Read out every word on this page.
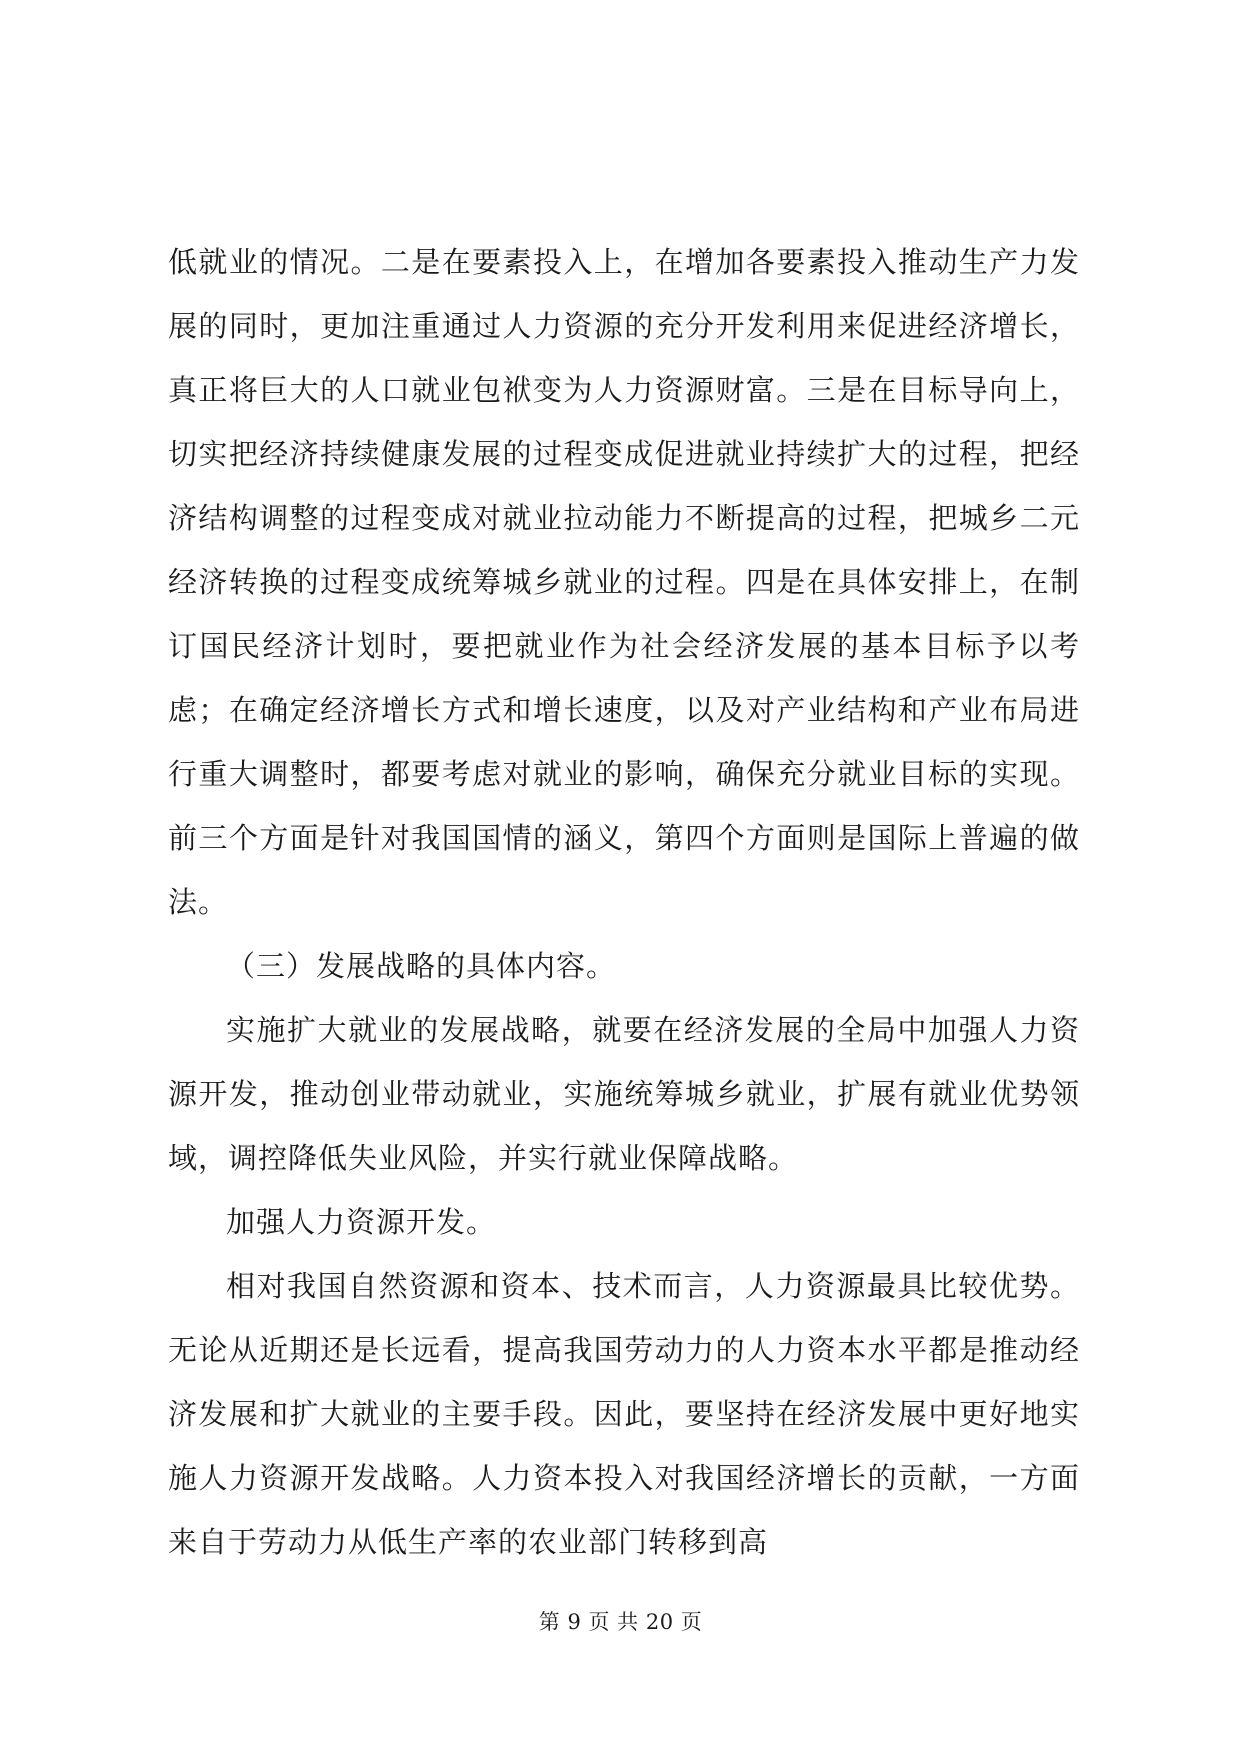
低就业的情况。二是在要素投入上，在增加各要素投入推动生产力发展的同时，更加注重通过人力资源的充分开发利用来促进经济增长，真正将巨大的人口就业包袱变为人力资源财富。三是在目标导向上，切实把经济持续健康发展的过程变成促进就业持续扩大的过程，把经济结构调整的过程变成对就业拉动能力不断提高的过程，把城乡二元经济转换的过程变成统筹城乡就业的过程。四是在具体安排上，在制订国民经济计划时，要把就业作为社会经济发展的基本目标予以考虑；在确定经济增长方式和增长速度，以及对产业结构和产业布局进行重大调整时，都要考虑对就业的影响，确保充分就业目标的实现。前三个方面是针对我国国情的涵义，第四个方面则是国际上普遍的做法。

（三）发展战略的具体内容。

实施扩大就业的发展战略，就要在经济发展的全局中加强人力资源开发，推动创业带动就业，实施统筹城乡就业，扩展有就业优势领域，调控降低失业风险，并实行就业保障战略。

加强人力资源开发。

相对我国自然资源和资本、技术而言，人力资源最具比较优势。无论从近期还是长远看，提高我国劳动力的人力资本水平都是推动经济发展和扩大就业的主要手段。因此，要坚持在经济发展中更好地实施人力资源开发战略。人力资本投入对我国经济增长的贡献，一方面来自于劳动力从低生产率的农业部门转移到高

第 9 页 共 20 页
